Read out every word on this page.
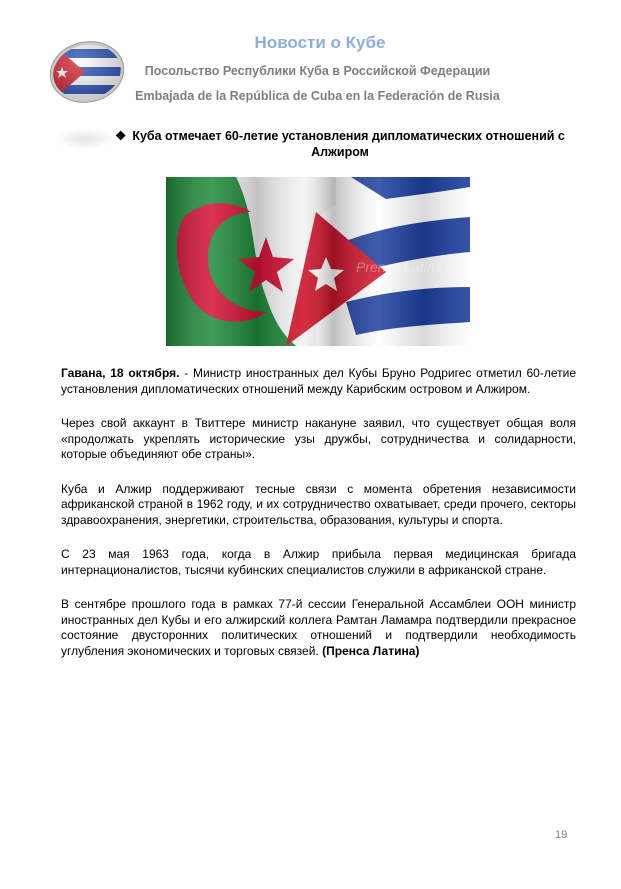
Новости о Кубе
Посольство Республики Куба в Российской Федерации
Embajada de la República de Cuba en la Federación de Rusia
❖ Куба отмечает 60-летие установления дипломатических отношений с Алжиром
Prensa Latina

Гавана, 18 октября. - Министр иностранных дел Кубы Бруно Родригес отметил 60-летие установления дипломатических отношений между Карибским островом и Алжиром.

Через свой аккаунт в Твиттере министр накануне заявил, что существует общая воля «продолжать укреплять исторические узы дружбы, сотрудничества и солидарности, которые объединяют обе страны».

Куба и Алжир поддерживают тесные связи с момента обретения независимости африканской страной в 1962 году, и их сотрудничество охватывает, среди прочего, секторы здравоохранения, энергетики, строительства, образования, культуры и спорта.

С 23 мая 1963 года, когда в Алжир прибыла первая медицинская бригада интернационалистов, тысячи кубинских специалистов служили в африканской стране.

В сентябре прошлого года в рамках 77-й сессии Генеральной Ассамблеи ООН министр иностранных дел Кубы и его алжирский коллега Рамтан Ламамра подтвердили прекрасное состояние двусторонних политических отношений и подтвердили необходимость углубления экономических и торговых связей. (Пренса Латина)

19
